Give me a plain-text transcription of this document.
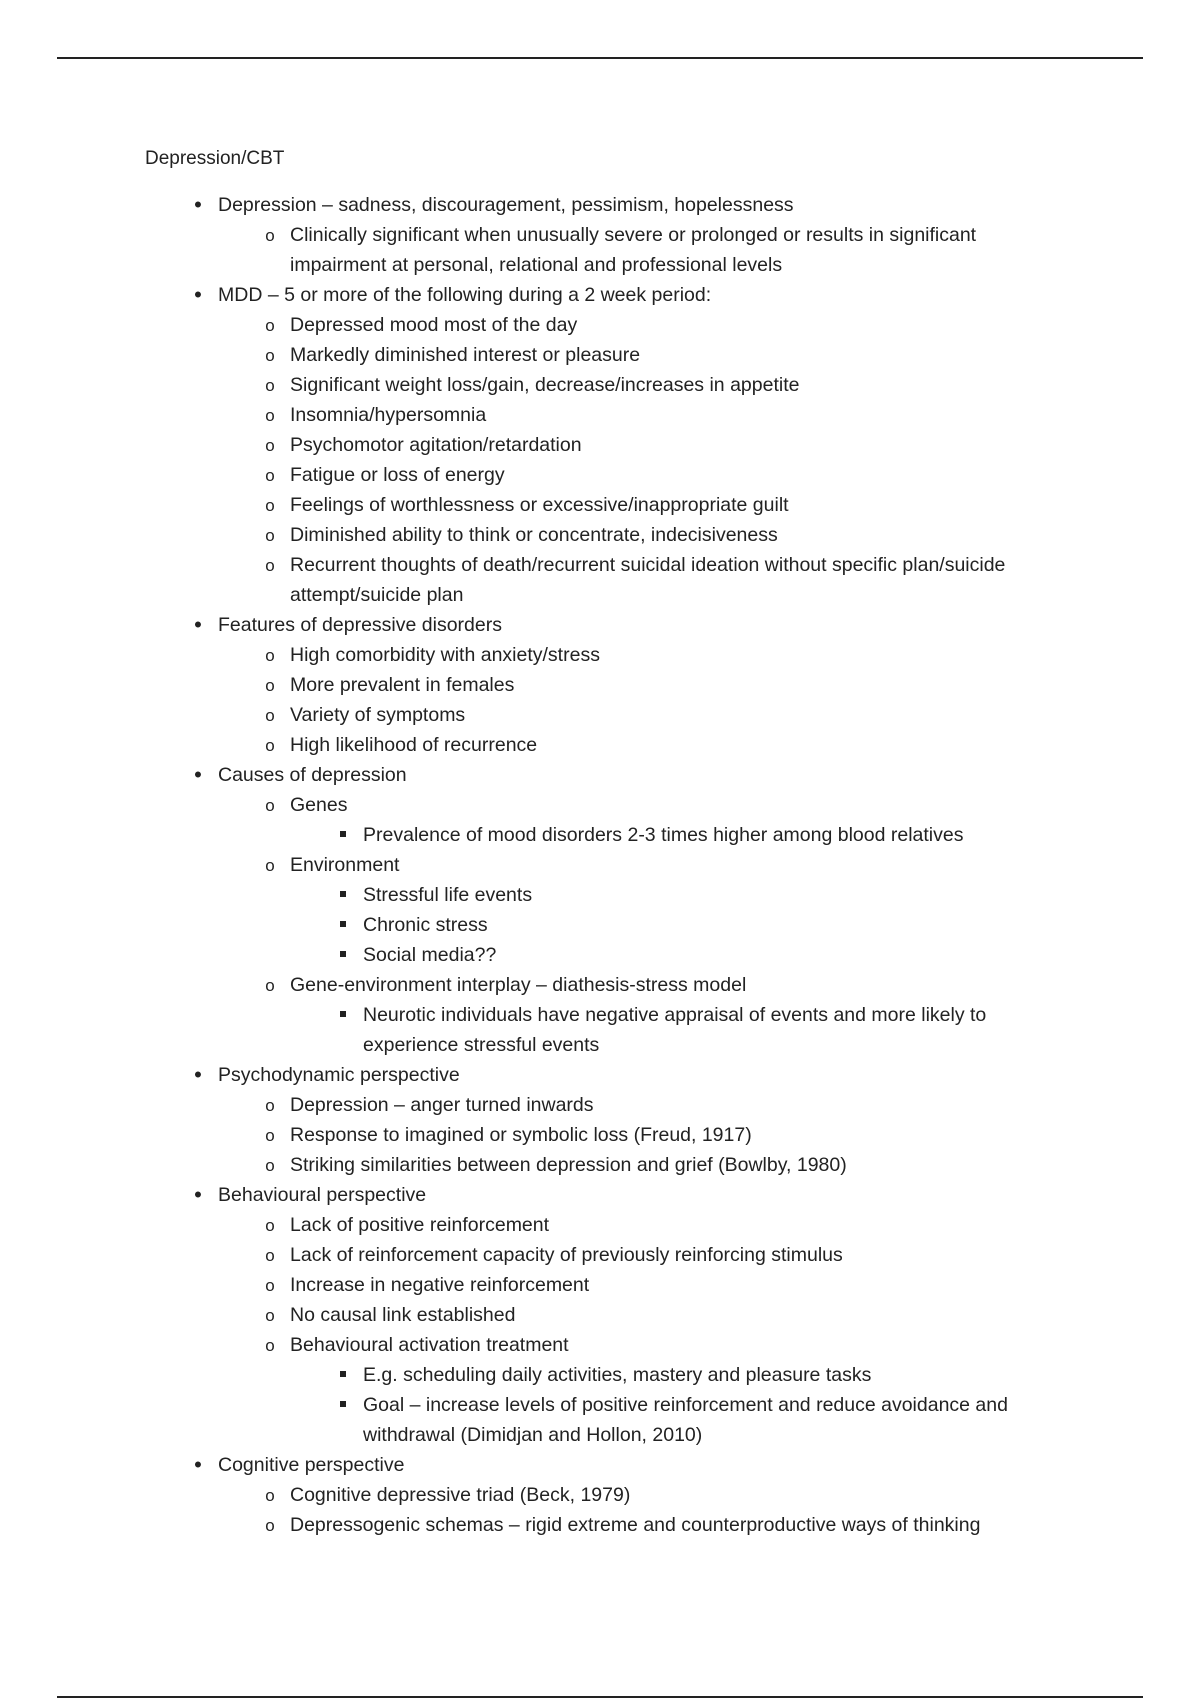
Depression/CBT
•
Depression – sadness, discouragement, pessimism, hopelessness
o
Clinically significant when unusually severe or prolonged or results in significant impairment at personal, relational and professional levels
•
MDD – 5 or more of the following during a 2 week period:
o
Depressed mood most of the day
o
Markedly diminished interest or pleasure
o
Significant weight loss/gain, decrease/increases in appetite
o
Insomnia/hypersomnia
o
Psychomotor agitation/retardation
o
Fatigue or loss of energy
o
Feelings of worthlessness or excessive/inappropriate guilt
o
Diminished ability to think or concentrate, indecisiveness
o
Recurrent thoughts of death/recurrent suicidal ideation without specific plan/suicide attempt/suicide plan
•
Features of depressive disorders
o
High comorbidity with anxiety/stress
o
More prevalent in females
o
Variety of symptoms
o
High likelihood of recurrence
•
Causes of depression
o
Genes
Prevalence of mood disorders 2-3 times higher among blood relatives
o
Environment
Stressful life events
Chronic stress
Social media??
o
Gene-environment interplay – diathesis-stress model
Neurotic individuals have negative appraisal of events and more likely to experience stressful events
•
Psychodynamic perspective
o
Depression – anger turned inwards
o
Response to imagined or symbolic loss (Freud, 1917)
o
Striking similarities between depression and grief (Bowlby, 1980)
•
Behavioural perspective
o
Lack of positive reinforcement
o
Lack of reinforcement capacity of previously reinforcing stimulus
o
Increase in negative reinforcement
o
No causal link established
o
Behavioural activation treatment
E.g. scheduling daily activities, mastery and pleasure tasks
Goal – increase levels of positive reinforcement and reduce avoidance and withdrawal (Dimidjan and Hollon, 2010)
•
Cognitive perspective
o
Cognitive depressive triad (Beck, 1979)
o
Depressogenic schemas – rigid extreme and counterproductive ways of thinking
